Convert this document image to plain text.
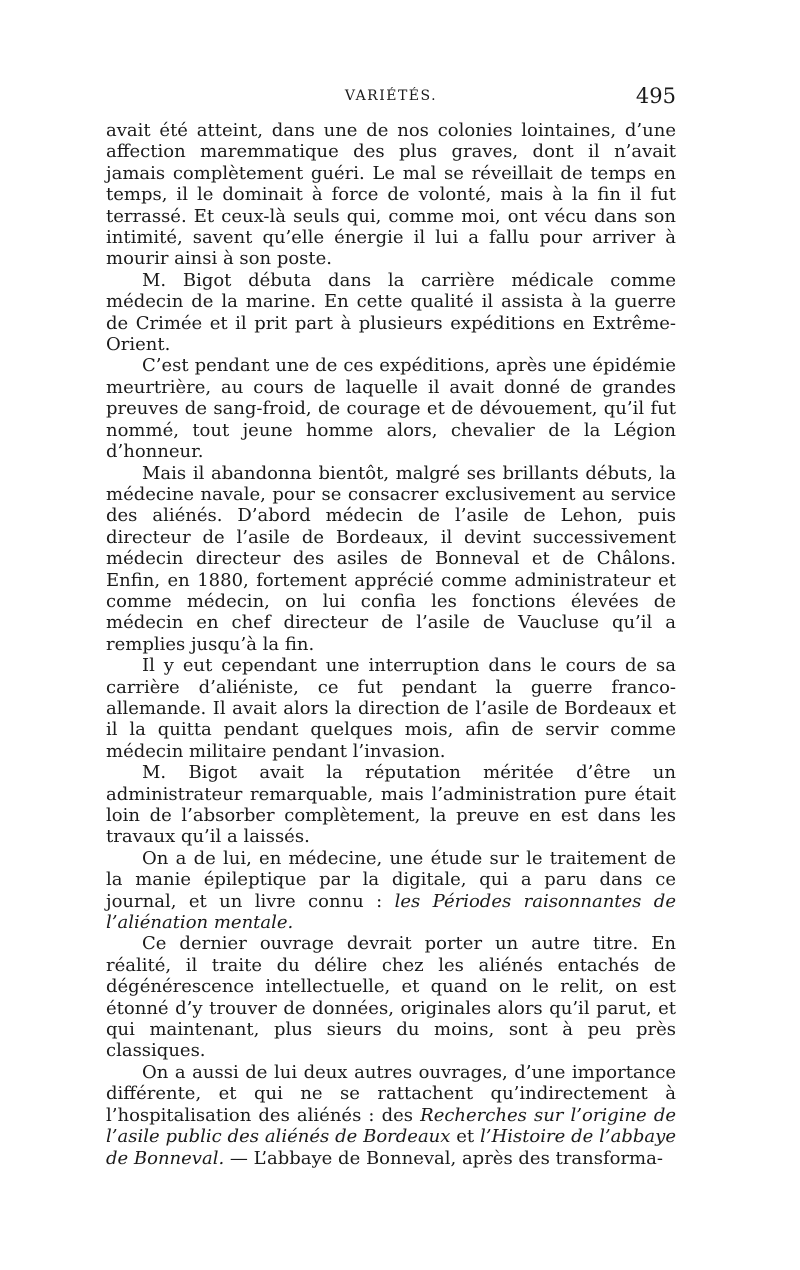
VARIÉTÉS.	495

avait été atteint, dans une de nos colonies lointaines, d’une affection maremmatique des plus graves, dont il n’avait jamais complètement guéri. Le mal se réveillait de temps en temps, il le dominait à force de volonté, mais à la fin il fut terrassé. Et ceux-là seuls qui, comme moi, ont vécu dans son intimité, savent qu’elle énergie il lui a fallu pour arriver à mourir ainsi à son poste.

M. Bigot débuta dans la carrière médicale comme médecin de la marine. En cette qualité il assista à la guerre de Crimée et il prit part à plusieurs expéditions en Extrême-Orient.

C’est pendant une de ces expéditions, après une épidémie meurtrière, au cours de laquelle il avait donné de grandes preuves de sang-froid, de courage et de dévouement, qu’il fut nommé, tout jeune homme alors, chevalier de la Légion d’honneur.

Mais il abandonna bientôt, malgré ses brillants débuts, la médecine navale, pour se consacrer exclusivement au service des aliénés. D’abord médecin de l’asile de Lehon, puis directeur de l’asile de Bordeaux, il devint successivement médecin directeur des asiles de Bonneval et de Châlons. Enfin, en 1880, fortement apprécié comme administrateur et comme médecin, on lui confia les fonctions élevées de médecin en chef directeur de l’asile de Vaucluse qu’il a remplies jusqu’à la fin.

Il y eut cependant une interruption dans le cours de sa carrière d’aliéniste, ce fut pendant la guerre franco-allemande. Il avait alors la direction de l’asile de Bordeaux et il la quitta pendant quelques mois, afin de servir comme médecin militaire pendant l’invasion.

M. Bigot avait la réputation méritée d’être un administrateur remarquable, mais l’administration pure était loin de l’absorber complètement, la preuve en est dans les travaux qu’il a laissés.

On a de lui, en médecine, une étude sur le traitement de la manie épileptique par la digitale, qui a paru dans ce journal, et un livre connu : les Périodes raisonnantes de l’aliénation mentale.

Ce dernier ouvrage devrait porter un autre titre. En réalité, il traite du délire chez les aliénés entachés de dégénérescence intellectuelle, et quand on le relit, on est étonné d’y trouver de données, originales alors qu’il parut, et qui maintenant, plus sieurs du moins, sont à peu près classiques.

On a aussi de lui deux autres ouvrages, d’une importance différente, et qui ne se rattachent qu’indirectement à l’hospitalisation des aliénés : des Recherches sur l’origine de l’asile public des aliénés de Bordeaux et l’Histoire de l’abbaye de Bonneval. — L’abbaye de Bonneval, après des transforma-
